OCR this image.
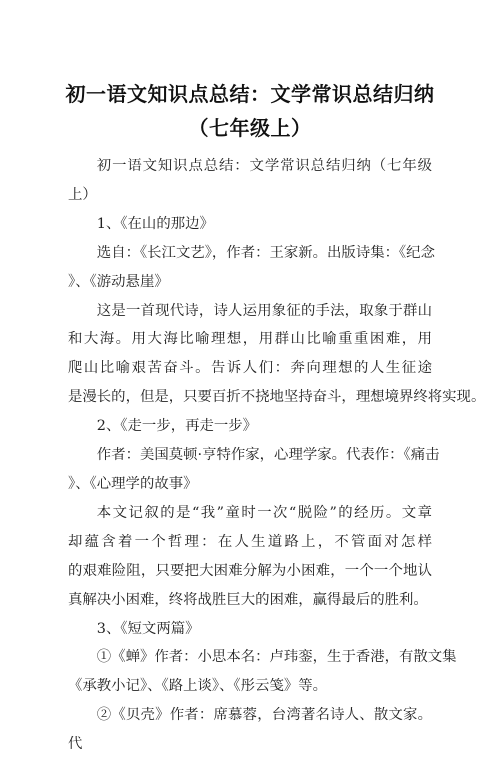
初一语文知识点总结：文学常识总结归纳
（七年级上）

初一语文知识点总结：文学常识总结归纳（七年级上）

1、《在山的那边》

选自：《长江文艺》，作者：王家新。出版诗集：《纪念
》、《游动悬崖》

这是一首现代诗，诗人运用象征的手法，取象于群山
和大海。用大海比喻理想，用群山比喻重重困难，用
爬山比喻艰苦奋斗。告诉人们：奔向理想的人生征途
是漫长的，但是，只要百折不挠地坚持奋斗，理想境界终将实现。

2、《走一步，再走一步》

作者：美国莫顿·亨特作家，心理学家。代表作：《痛击
》、《心理学的故事》

本文记叙的是“我”童时一次“脱险”的经历。文章
却蕴含着一个哲理：在人生道路上，不管面对怎样
的艰难险阻，只要把大困难分解为小困难，一个一个地认
真解决小困难，终将战胜巨大的困难，赢得最后的胜利。

3、《短文两篇》

①《蝉》作者：小思本名：卢玮銮，生于香港，有散文集
《承教小记》、《路上谈》、《彤云笺》等。

②《贝壳》作者：席慕蓉，台湾著名诗人、散文家。代
